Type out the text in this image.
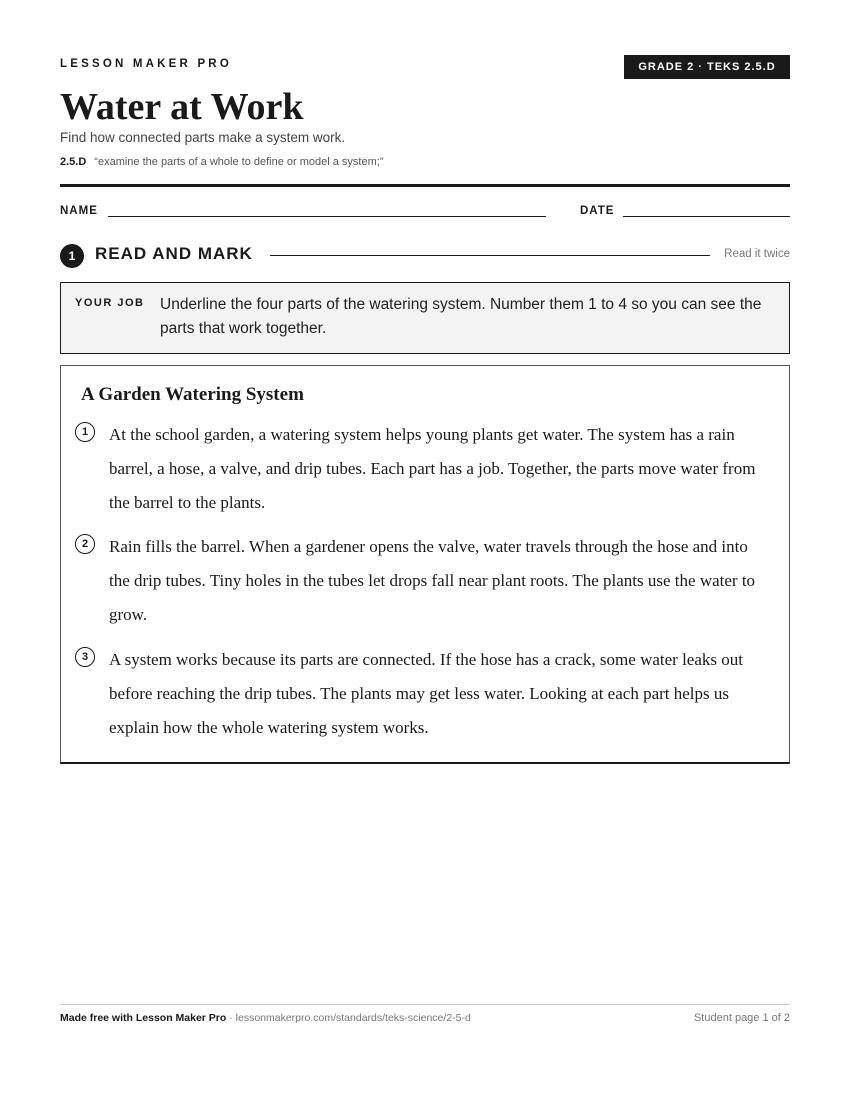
LESSON MAKER PRO	GRADE 2 · TEKS 2.5.D
Water at Work
Find how connected parts make a system work.
2.5.D “examine the parts of a whole to define or model a system;”
NAME	DATE
1	READ AND MARK	Read it twice
YOUR JOB Underline the four parts of the watering system. Number them 1 to 4 so you can see the parts that work together.
A Garden Watering System
1	At the school garden, a watering system helps young plants get water. The system has a rain barrel, a hose, a valve, and drip tubes. Each part has a job. Together, the parts move water from the barrel to the plants.
2	Rain fills the barrel. When a gardener opens the valve, water travels through the hose and into the drip tubes. Tiny holes in the tubes let drops fall near plant roots. The plants use the water to grow.
3	A system works because its parts are connected. If the hose has a crack, some water leaks out before reaching the drip tubes. The plants may get less water. Looking at each part helps us explain how the whole watering system works.
Made free with Lesson Maker Pro · lessonmakerpro.com/standards/teks-science/2-5-d	Student page 1 of 2
